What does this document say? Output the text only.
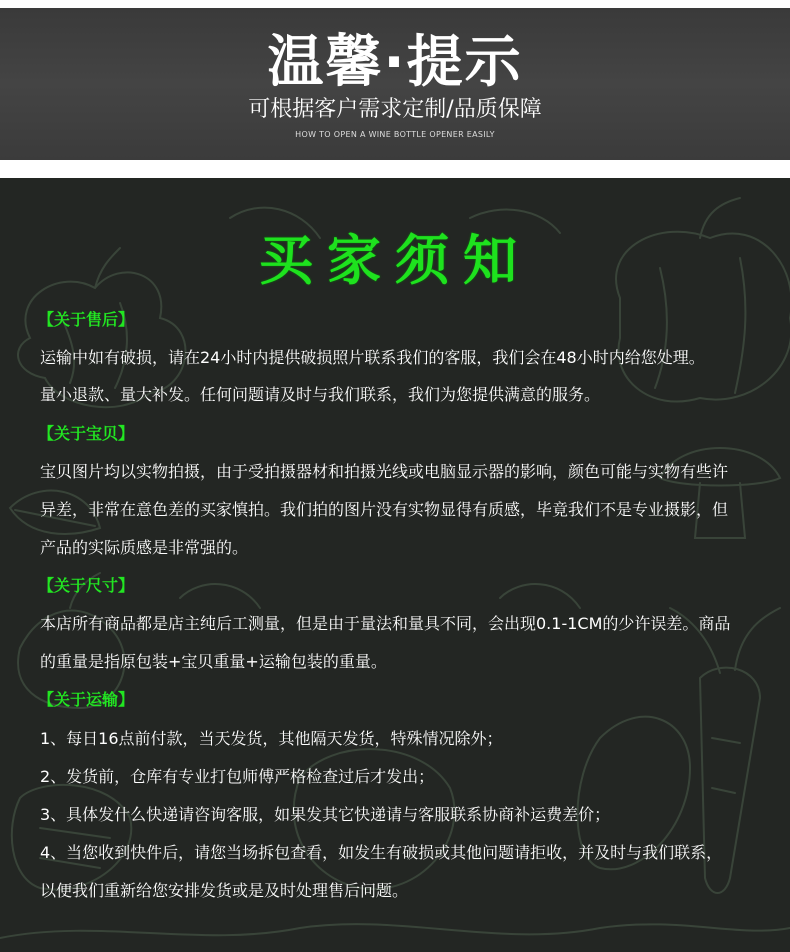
温馨·提示
可根据客户需求定制/品质保障
HOW TO OPEN A WINE BOTTLE OPENER EASILY
买家须知
【关于售后】
运输中如有破损，请在24小时内提供破损照片联系我们的客服，我们会在48小时内给您处理。
量小退款、量大补发。任何问题请及时与我们联系，我们为您提供满意的服务。
【关于宝贝】
宝贝图片均以实物拍摄，由于受拍摄器材和拍摄光线或电脑显示器的影响，颜色可能与实物有些许
异差，非常在意色差的买家慎拍。我们拍的图片没有实物显得有质感，毕竟我们不是专业摄影，但
产品的实际质感是非常强的。
【关于尺寸】
本店所有商品都是店主纯后工测量，但是由于量法和量具不同，会出现0.1-1CM的少许误差。商品
的重量是指原包装+宝贝重量+运输包装的重量。
【关于运输】
1、每日16点前付款，当天发货，其他隔天发货，特殊情况除外；
2、发货前，仓库有专业打包师傅严格检查过后才发出；
3、具体发什么快递请咨询客服，如果发其它快递请与客服联系协商补运费差价；
4、当您收到快件后，请您当场拆包查看，如发生有破损或其他问题请拒收，并及时与我们联系，
以便我们重新给您安排发货或是及时处理售后问题。
